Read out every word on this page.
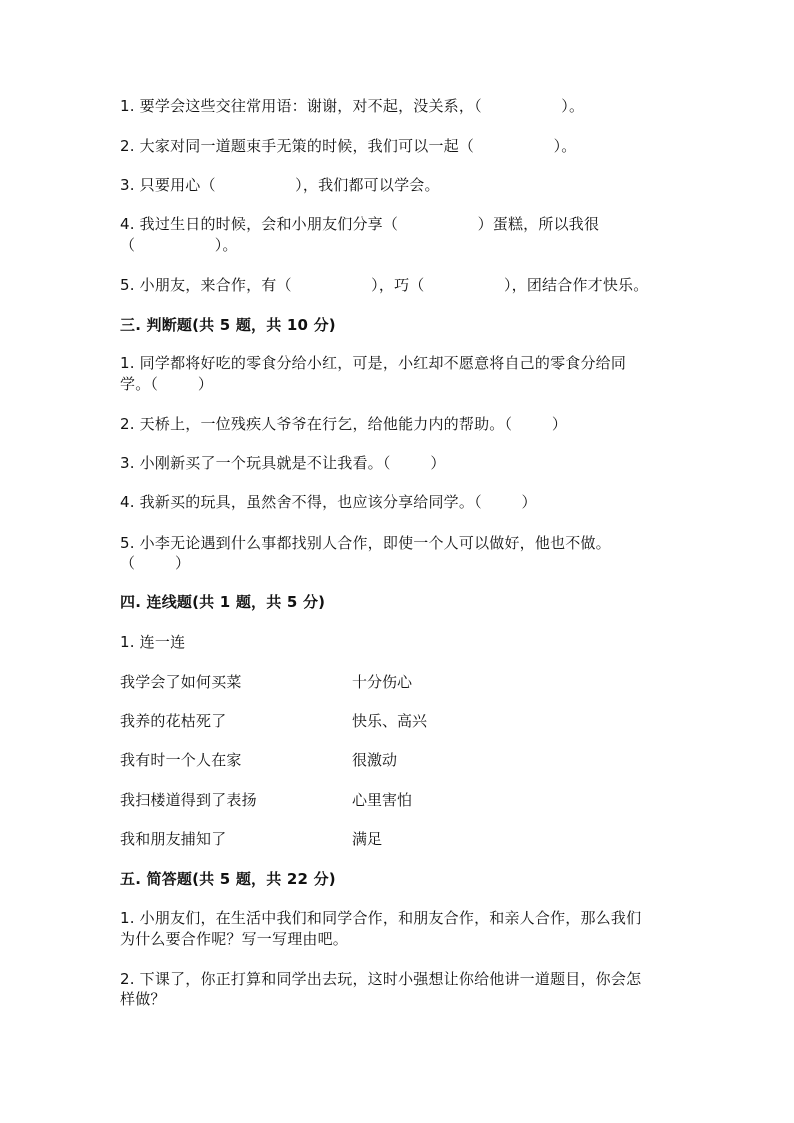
1. 要学会这些交往常用语：谢谢，对不起，没关系，（                ）。
2. 大家对同一道题束手无策的时候，我们可以一起（                ）。
3. 只要用心（                ），我们都可以学会。
4. 我过生日的时候，会和小朋友们分享（                ）蛋糕，所以我很
（                ）。
5. 小朋友，来合作，有（                ），巧（                ），团结合作才快乐。
三. 判断题(共 5 题，共 10 分)
1. 同学都将好吃的零食分给小红，可是，小红却不愿意将自己的零食分给同
学。（        ）
2. 天桥上，一位残疾人爷爷在行乞，给他能力内的帮助。（        ）
3. 小刚新买了一个玩具就是不让我看。（        ）
4. 我新买的玩具，虽然舍不得，也应该分享给同学。（        ）
5. 小李无论遇到什么事都找别人合作，即使一个人可以做好，他也不做。
（        ）
四. 连线题(共 1 题，共 5 分)
1. 连一连
我学会了如何买菜	十分伤心
我养的花枯死了	快乐、高兴
我有时一个人在家	很激动
我扫楼道得到了表扬	心里害怕
我和朋友捕知了	满足
五. 简答题(共 5 题，共 22 分)
1. 小朋友们，在生活中我们和同学合作，和朋友合作，和亲人合作，那么我们
为什么要合作呢？写一写理由吧。
2. 下课了，你正打算和同学出去玩，这时小强想让你给他讲一道题目，你会怎
样做？
